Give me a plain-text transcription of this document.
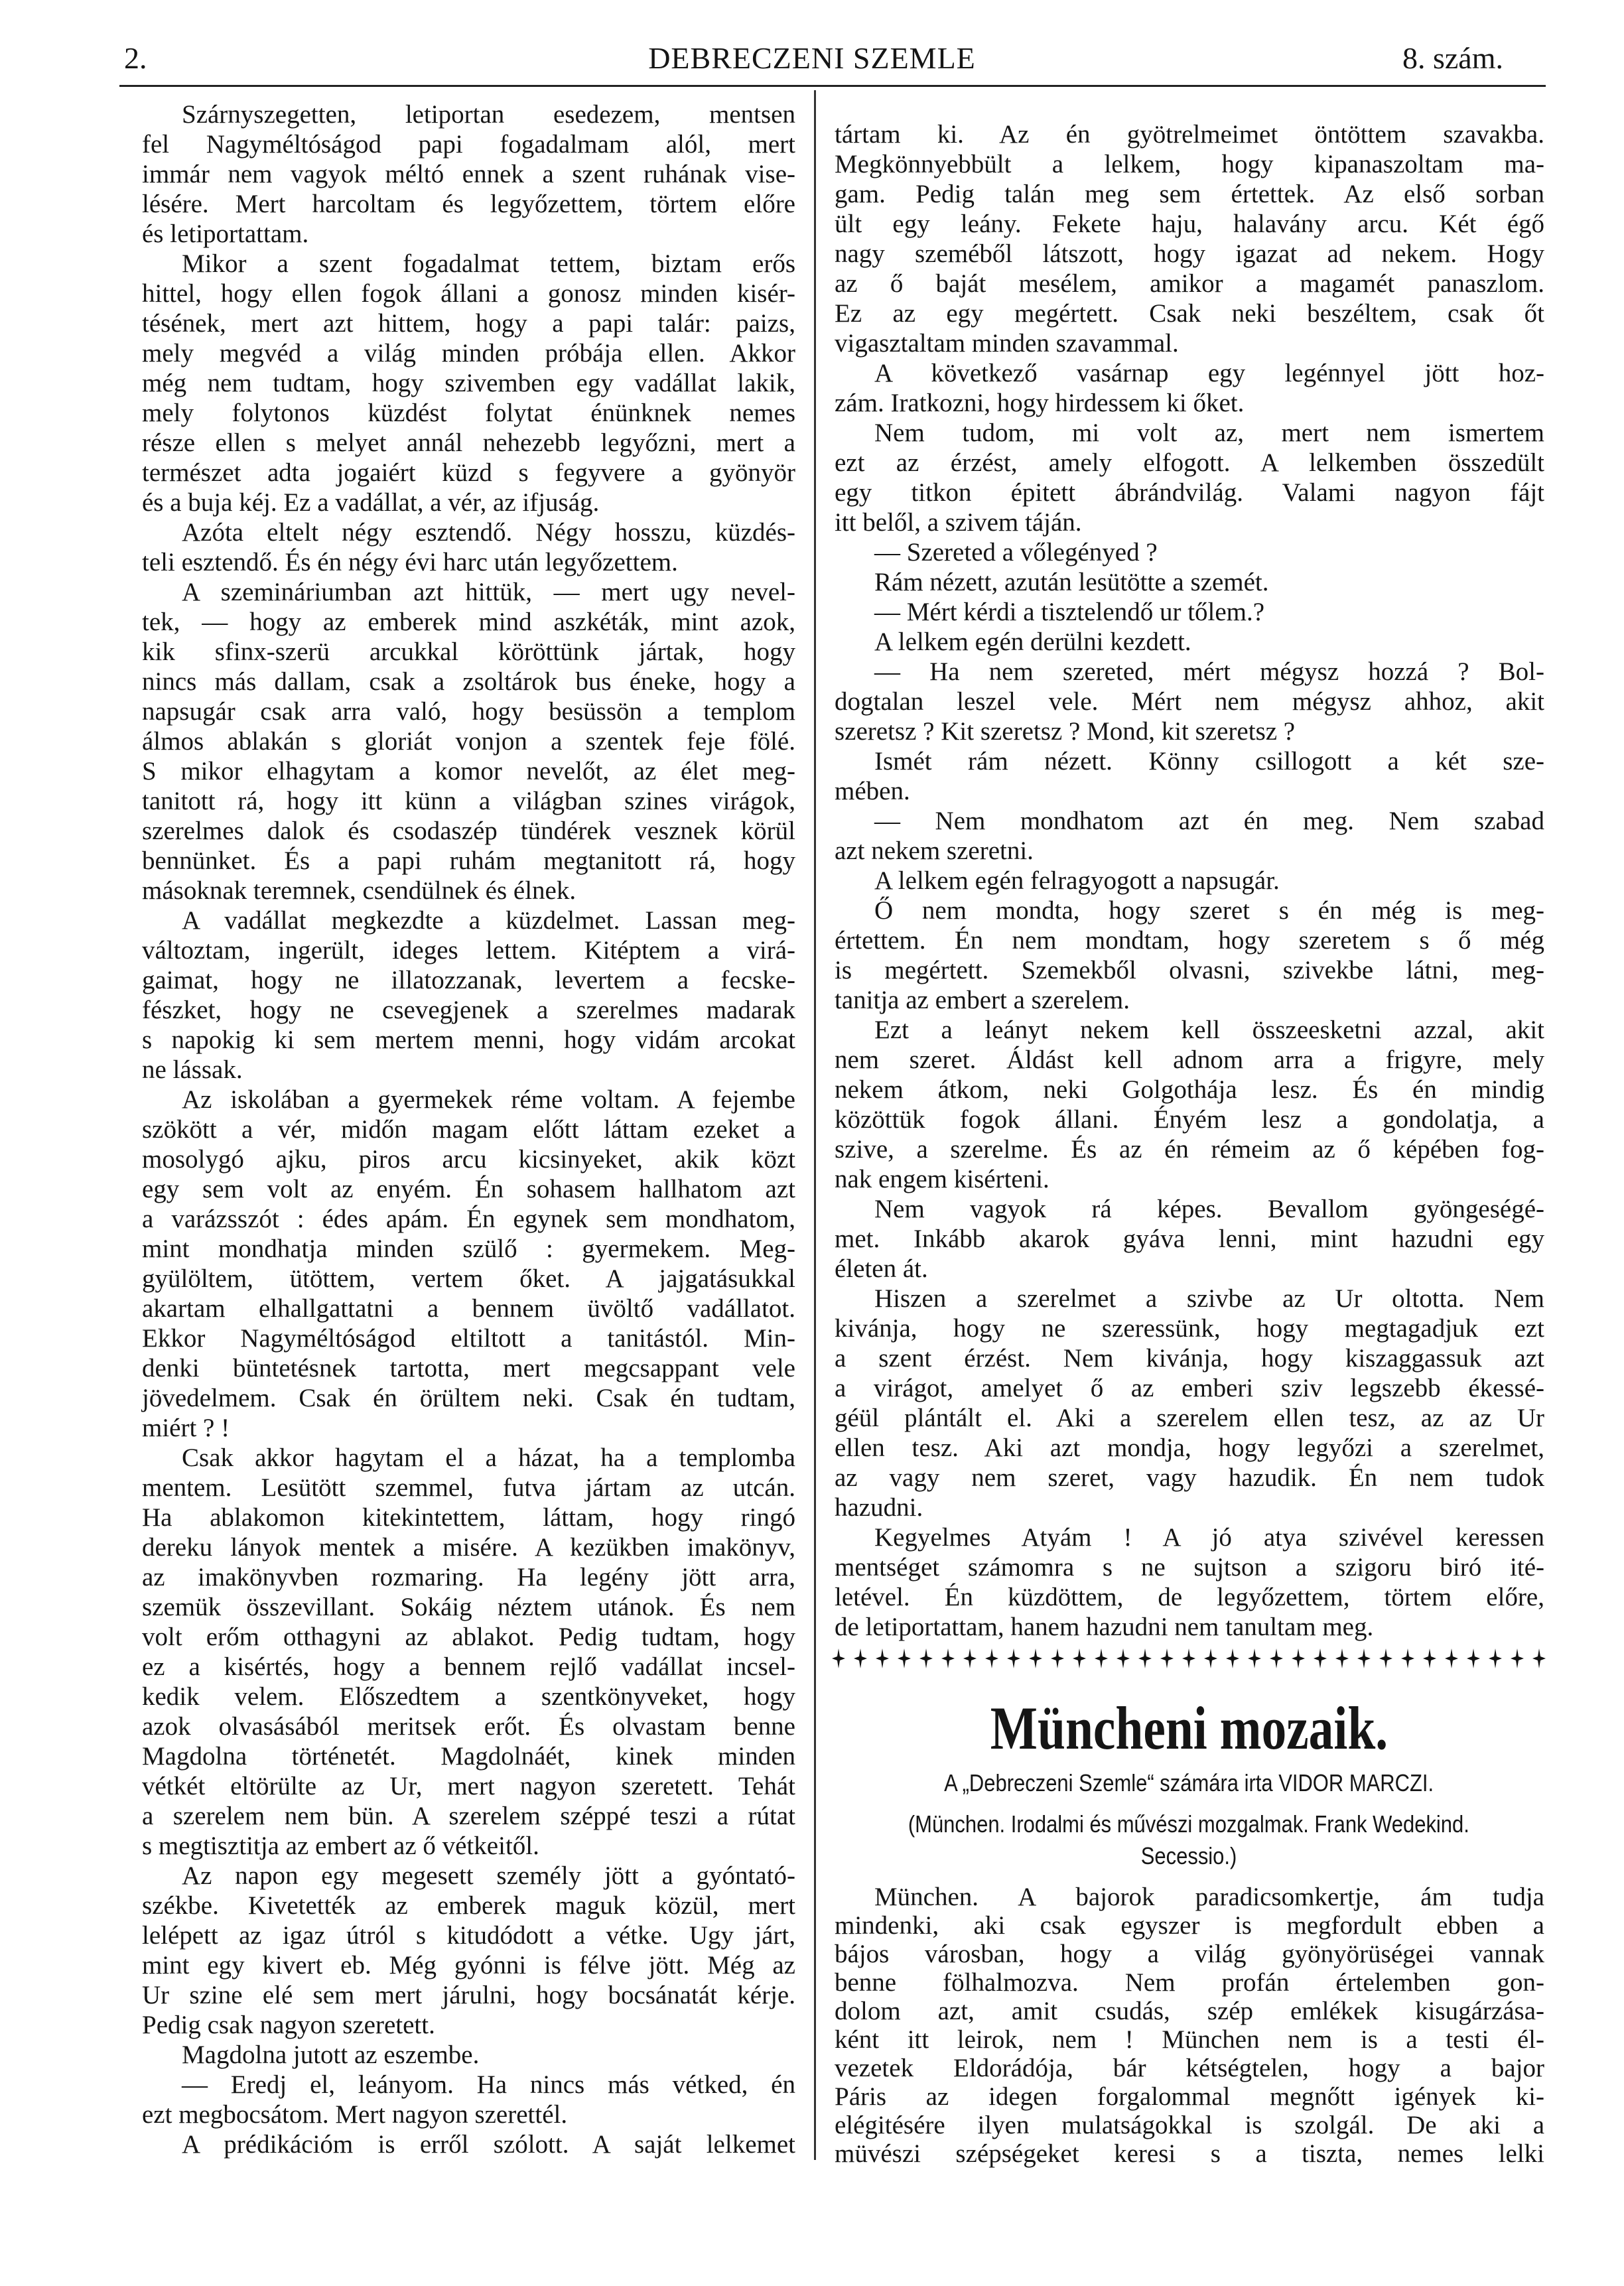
DEBRECZENI SZEMLE
2.	8. szám.
Szárnyszegetten, letiportan esedezem, mentsen
fel Nagyméltóságod papi fogadalmam alól, mert
immár nem vagyok méltó ennek a szent ruhának vise-
lésére. Mert harcoltam és legyőzettem, törtem előre
és letiportattam.
Mikor a szent fogadalmat tettem, biztam erős
hittel, hogy ellen fogok állani a gonosz minden kisér-
tésének, mert azt hittem, hogy a papi talár: paizs,
mely megvéd a világ minden próbája ellen. Akkor
még nem tudtam, hogy szivemben egy vadállat lakik,
mely folytonos küzdést folytat énünknek nemes
része ellen s melyet annál nehezebb legyőzni, mert a
természet adta jogaiért küzd s fegyvere a gyönyör
és a buja kéj. Ez a vadállat, a vér, az ifjuság.
Azóta eltelt négy esztendő. Négy hosszu, küzdés-
teli esztendő. És én négy évi harc után legyőzettem.
A szemináriumban azt hittük, — mert ugy nevel-
tek, — hogy az emberek mind aszkéták, mint azok,
kik sfinx-szerü arcukkal köröttünk jártak, hogy
nincs más dallam, csak a zsoltárok bus éneke, hogy a
napsugár csak arra való, hogy besüssön a templom
álmos ablakán s gloriát vonjon a szentek feje fölé.
S mikor elhagytam a komor nevelőt, az élet meg-
tanitott rá, hogy itt künn a világban szines virágok,
szerelmes dalok és csodaszép tündérek vesznek körül
bennünket. És a papi ruhám megtanitott rá, hogy
másoknak teremnek, csendülnek és élnek.
A vadállat megkezdte a küzdelmet. Lassan meg-
változtam, ingerült, ideges lettem. Kitéptem a virá-
gaimat, hogy ne illatozzanak, levertem a fecske-
fészket, hogy ne csevegjenek a szerelmes madarak
s napokig ki sem mertem menni, hogy vidám arcokat
ne lássak.
Az iskolában a gyermekek réme voltam. A fejembe
szökött a vér, midőn magam előtt láttam ezeket a
mosolygó ajku, piros arcu kicsinyeket, akik közt
egy sem volt az enyém. Én sohasem hallhatom azt
a varázsszót : édes apám. Én egynek sem mondhatom,
mint mondhatja minden szülő : gyermekem. Meg-
gyülöltem, ütöttem, vertem őket. A jajgatásukkal
akartam elhallgattatni a bennem üvöltő vadállatot.
Ekkor Nagyméltóságod eltiltott a tanitástól. Min-
denki büntetésnek tartotta, mert megcsappant vele
jövedelmem. Csak én örültem neki. Csak én tudtam,
miért ? !
Csak akkor hagytam el a házat, ha a templomba
mentem. Lesütött szemmel, futva jártam az utcán.
Ha ablakomon kitekintettem, láttam, hogy ringó
dereku lányok mentek a misére. A kezükben imakönyv,
az imakönyvben rozmaring. Ha legény jött arra,
szemük összevillant. Sokáig néztem utánok. És nem
volt erőm otthagyni az ablakot. Pedig tudtam, hogy
ez a kisértés, hogy a bennem rejlő vadállat incsel-
kedik velem. Előszedtem a szentkönyveket, hogy
azok olvasásából meritsek erőt. És olvastam benne
Magdolna történetét. Magdolnáét, kinek minden
vétkét eltörülte az Ur, mert nagyon szeretett. Tehát
a szerelem nem bün. A szerelem széppé teszi a rútat
s megtisztitja az embert az ő vétkeitől.
Az napon egy megesett személy jött a gyóntató-
székbe. Kivetették az emberek maguk közül, mert
lelépett az igaz útról s kitudódott a vétke. Ugy járt,
mint egy kivert eb. Még gyónni is félve jött. Még az
Ur szine elé sem mert járulni, hogy bocsánatát kérje.
Pedig csak nagyon szeretett.
Magdolna jutott az eszembe.
— Eredj el, leányom. Ha nincs más vétked, én
ezt megbocsátom. Mert nagyon szerettél.
A prédikációm is erről szólott. A saját lelkemet
tártam ki. Az én gyötrelmeimet öntöttem szavakba.
Megkönnyebbült a lelkem, hogy kipanaszoltam ma-
gam. Pedig talán meg sem értettek. Az első sorban
ült egy leány. Fekete haju, halavány arcu. Két égő
nagy szeméből látszott, hogy igazat ad nekem. Hogy
az ő baját mesélem, amikor a magamét panaszlom.
Ez az egy megértett. Csak neki beszéltem, csak őt
vigasztaltam minden szavammal.
A következő vasárnap egy legénnyel jött hoz-
zám. Iratkozni, hogy hirdessem ki őket.
Nem tudom, mi volt az, mert nem ismertem
ezt az érzést, amely elfogott. A lelkemben összedült
egy titkon épitett ábrándvilág. Valami nagyon fájt
itt belől, a szivem táján.
— Szereted a vőlegényed ?
Rám nézett, azután lesütötte a szemét.
— Mért kérdi a tisztelendő ur tőlem.?
A lelkem egén derülni kezdett.
— Ha nem szereted, mért mégysz hozzá ? Bol-
dogtalan leszel vele. Mért nem mégysz ahhoz, akit
szeretsz ? Kit szeretsz ? Mond, kit szeretsz ?
Ismét rám nézett. Könny csillogott a két sze-
mében.
— Nem mondhatom azt én meg. Nem szabad
azt nekem szeretni.
A lelkem egén felragyogott a napsugár.
Ő nem mondta, hogy szeret s én még is meg-
értettem. Én nem mondtam, hogy szeretem s ő még
is megértett. Szemekből olvasni, szivekbe látni, meg-
tanitja az embert a szerelem.
Ezt a leányt nekem kell összeesketni azzal, akit
nem szeret. Áldást kell adnom arra a frigyre, mely
nekem átkom, neki Golgothája lesz. És én mindig
közöttük fogok állani. Ényém lesz a gondolatja, a
szive, a szerelme. És az én rémeim az ő képében fog-
nak engem kisérteni.
Nem vagyok rá képes. Bevallom gyöngeségé-
met. Inkább akarok gyáva lenni, mint hazudni egy
életen át.
Hiszen a szerelmet a szivbe az Ur oltotta. Nem
kivánja, hogy ne szeressünk, hogy megtagadjuk ezt
a szent érzést. Nem kivánja, hogy kiszaggassuk azt
a virágot, amelyet ő az emberi sziv legszebb ékessé-
géül plántált el. Aki a szerelem ellen tesz, az az Ur
ellen tesz. Aki azt mondja, hogy legyőzi a szerelmet,
az vagy nem szeret, vagy hazudik. Én nem tudok
hazudni.
Kegyelmes Atyám ! A jó atya szivével keressen
mentséget számomra s ne sujtson a szigoru biró ité-
letével. Én küzdöttem, de legyőzettem, törtem előre,
de letiportattam, hanem hazudni nem tanultam meg.
Müncheni mozaik.
A „Debreczeni Szemle“ számára irta VIDOR MARCZI.
(München. Irodalmi és művészi mozgalmak. Frank Wedekind.
Secessio.)
München. A bajorok paradicsomkertje, ám tudja
mindenki, aki csak egyszer is megfordult ebben a
bájos városban, hogy a világ gyönyörüségei vannak
benne fölhalmozva. Nem profán értelemben gon-
dolom azt, amit csudás, szép emlékek kisugárzása-
ként itt leirok, nem ! München nem is a testi él-
vezetek Eldorádója, bár kétségtelen, hogy a bajor
Páris az idegen forgalommal megnőtt igények ki-
elégitésére ilyen mulatságokkal is szolgál. De aki a
müvészi szépségeket keresi s a tiszta, nemes lelki
